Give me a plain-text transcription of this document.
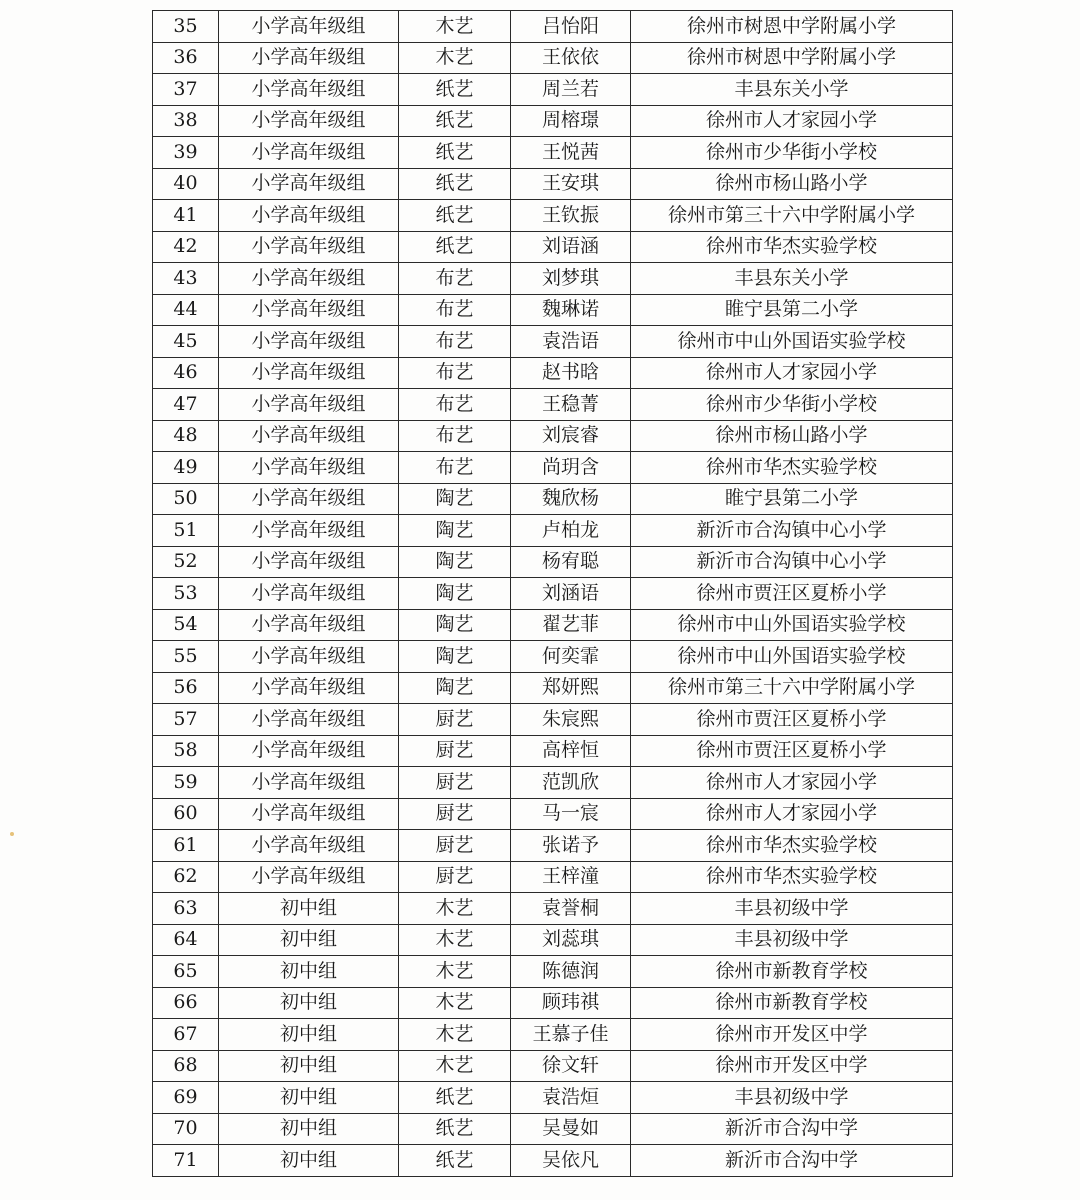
35	小学高年级组	木艺	吕怡阳	徐州市树恩中学附属小学
36	小学高年级组	木艺	王依依	徐州市树恩中学附属小学
37	小学高年级组	纸艺	周兰若	丰县东关小学
38	小学高年级组	纸艺	周榕璟	徐州市人才家园小学
39	小学高年级组	纸艺	王悦茜	徐州市少华街小学校
40	小学高年级组	纸艺	王安琪	徐州市杨山路小学
41	小学高年级组	纸艺	王钦振	徐州市第三十六中学附属小学
42	小学高年级组	纸艺	刘语涵	徐州市华杰实验学校
43	小学高年级组	布艺	刘梦琪	丰县东关小学
44	小学高年级组	布艺	魏琳诺	睢宁县第二小学
45	小学高年级组	布艺	袁浩语	徐州市中山外国语实验学校
46	小学高年级组	布艺	赵书晗	徐州市人才家园小学
47	小学高年级组	布艺	王稳菁	徐州市少华街小学校
48	小学高年级组	布艺	刘宸睿	徐州市杨山路小学
49	小学高年级组	布艺	尚玥含	徐州市华杰实验学校
50	小学高年级组	陶艺	魏欣杨	睢宁县第二小学
51	小学高年级组	陶艺	卢柏龙	新沂市合沟镇中心小学
52	小学高年级组	陶艺	杨宥聪	新沂市合沟镇中心小学
53	小学高年级组	陶艺	刘涵语	徐州市贾汪区夏桥小学
54	小学高年级组	陶艺	翟艺菲	徐州市中山外国语实验学校
55	小学高年级组	陶艺	何奕霏	徐州市中山外国语实验学校
56	小学高年级组	陶艺	郑妍熙	徐州市第三十六中学附属小学
57	小学高年级组	厨艺	朱宸熙	徐州市贾汪区夏桥小学
58	小学高年级组	厨艺	高梓恒	徐州市贾汪区夏桥小学
59	小学高年级组	厨艺	范凯欣	徐州市人才家园小学
60	小学高年级组	厨艺	马一宸	徐州市人才家园小学
61	小学高年级组	厨艺	张诺予	徐州市华杰实验学校
62	小学高年级组	厨艺	王梓潼	徐州市华杰实验学校
63	初中组	木艺	袁誉桐	丰县初级中学
64	初中组	木艺	刘蕊琪	丰县初级中学
65	初中组	木艺	陈德润	徐州市新教育学校
66	初中组	木艺	顾玮祺	徐州市新教育学校
67	初中组	木艺	王慕子佳	徐州市开发区中学
68	初中组	木艺	徐文轩	徐州市开发区中学
69	初中组	纸艺	袁浩烜	丰县初级中学
70	初中组	纸艺	吴曼如	新沂市合沟中学
71	初中组	纸艺	吴依凡	新沂市合沟中学
